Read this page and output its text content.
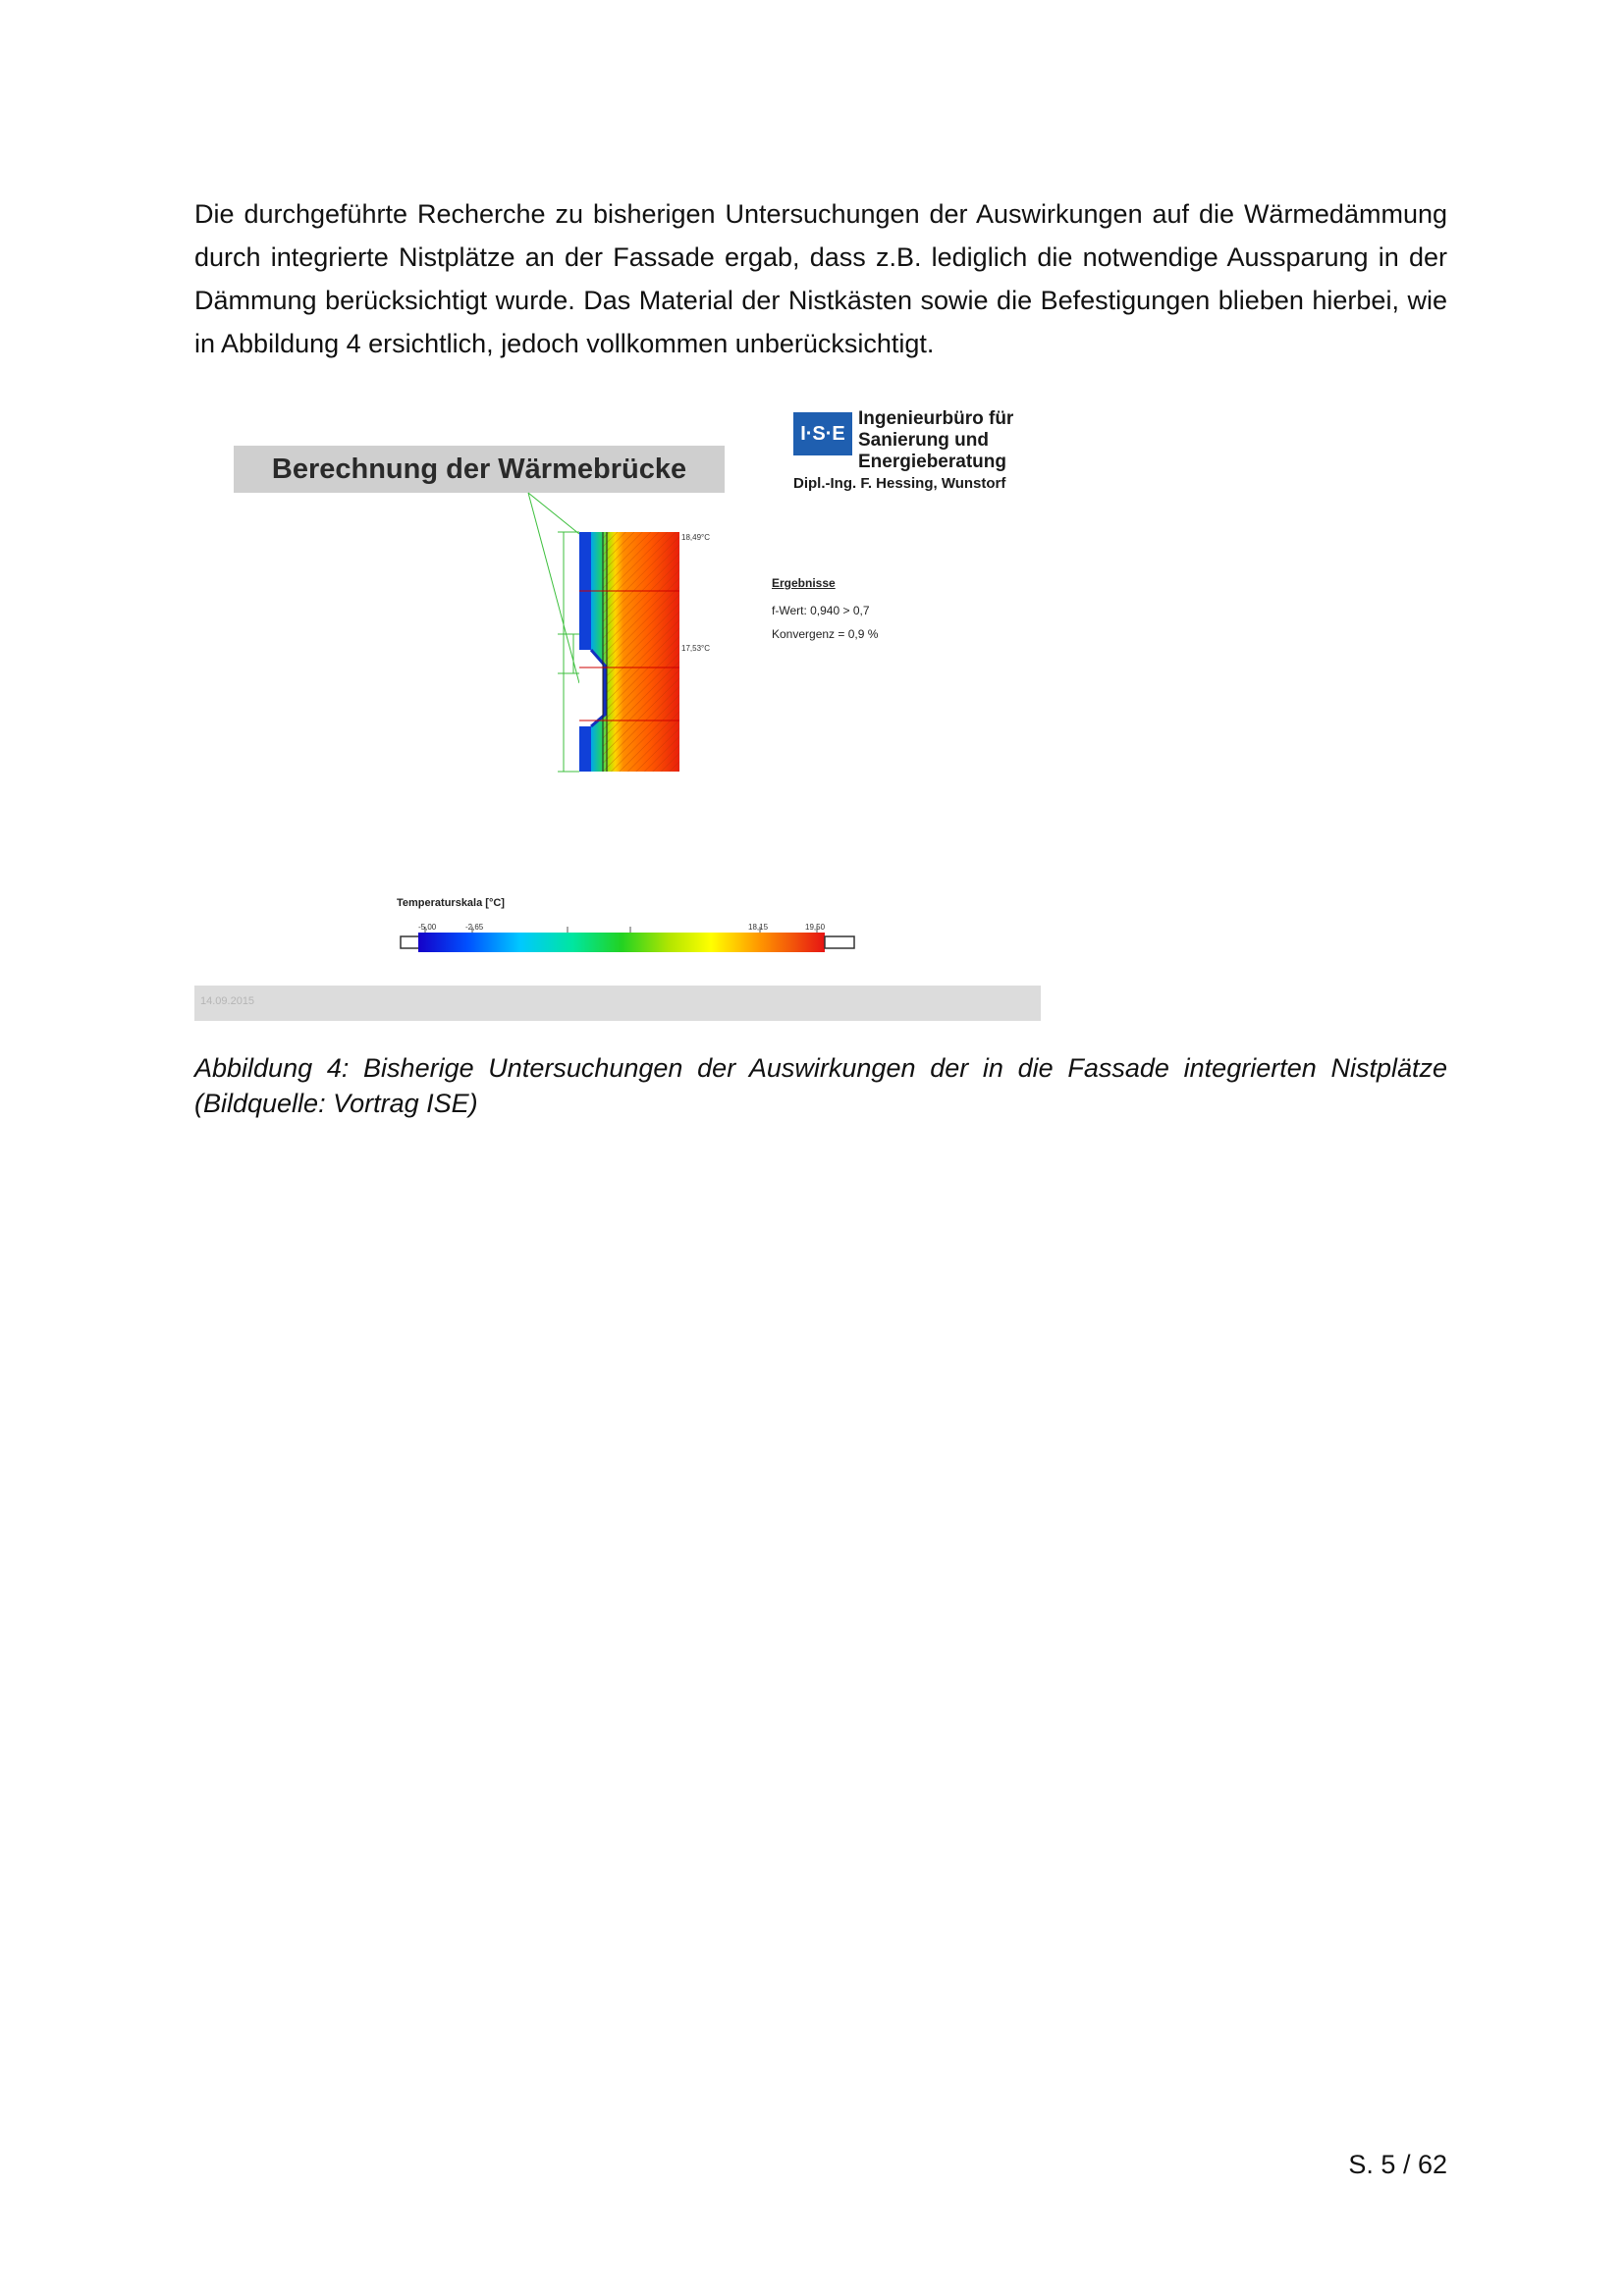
Die durchgeführte Recherche zu bisherigen Untersuchungen der Auswirkungen auf die Wärmedämmung durch integrierte Nistplätze an der Fassade ergab, dass z.B. lediglich die notwendige Aussparung in der Dämmung berücksichtigt wurde. Das Material der Nistkästen sowie die Befestigungen blieben hierbei, wie in Abbildung 4 ersichtlich, jedoch vollkommen unberücksichtigt.

Berechnung der Wärmebrücke
I·S·E
Ingenieurbüro für
Sanierung und
Energieberatung
Dipl.-Ing. F. Hessing, Wunstorf
18,49°C
17,53°C
Ergebnisse
f-Wert: 0,940 > 0,7
Konvergenz = 0,9 %
Temperaturskala [°C]
-5,00	-2,65	18,15	19,50
14.09.2015

Abbildung 4: Bisherige Untersuchungen der Auswirkungen der in die Fassade integrierten Nistplätze (Bildquelle: Vortrag ISE)

S. 5 / 62
